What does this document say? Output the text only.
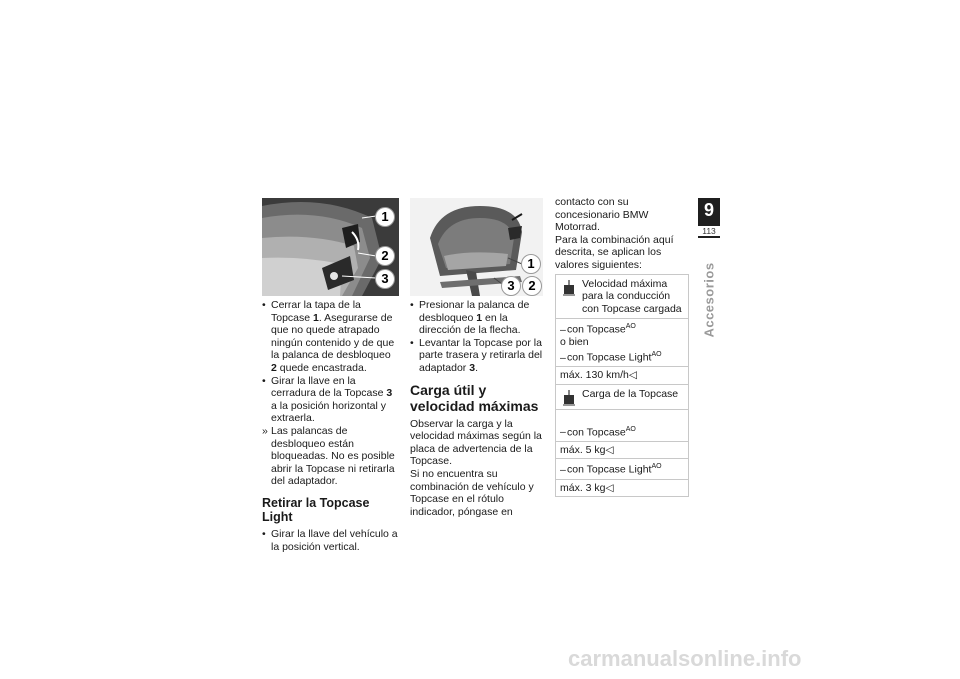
1
2
3

• Cerrar la tapa de la Topcase 1. Asegurarse de que no quede atrapado ningún contenido y de que la palanca de desbloqueo 2 quede encastrada.

• Girar la llave en la cerradura de la Topcase 3 a la posición horizontal y extraerla.

» Las palancas de desbloqueo están bloqueadas. No es posible abrir la Topcase ni retirarla del adaptador.

Retirar la Topcase Light

• Girar la llave del vehículo a la posición vertical.

1
3	2

• Presionar la palanca de desbloqueo 1 en la dirección de la flecha.

• Levantar la Topcase por la parte trasera y retirarla del adaptador 3.

Carga útil y velocidad máximas

Observar la carga y la velocidad máximas según la placa de advertencia de la Topcase.

Si no encuentra su combinación de vehículo y Topcase en el rótulo indicador, póngase en

contacto con su concesionario BMW Motorrad.

Para la combinación aquí descrita, se aplican los valores siguientes:

Velocidad máxima para la conducción con Topcase cargada
–con Topcase$^{AO}$
o bien
–con Topcase Light$^{AO}$
máx. 130 km/h◁
Carga de la Topcase
–con Topcase$^{AO}$
máx. 5 kg◁
–con Topcase Light$^{AO}$
máx. 3 kg◁
9
113
Accesorios
carmanualsonline.info
